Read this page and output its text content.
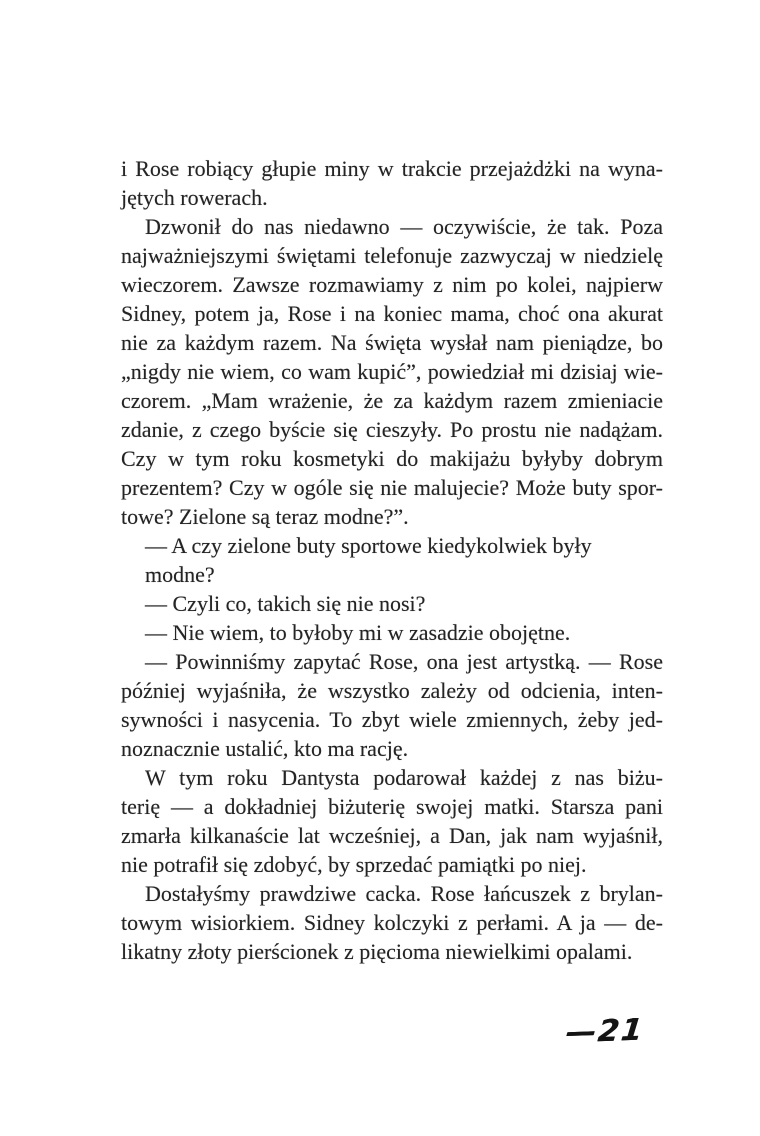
i Rose robiący głupie miny w trakcie przejażdżki na wyna-
jętych rowerach.
Dzwonił do nas niedawno — oczywiście, że tak. Poza
najważniejszymi świętami telefonuje zazwyczaj w niedzielę
wieczorem. Zawsze rozmawiamy z nim po kolei, najpierw
Sidney, potem ja, Rose i na koniec mama, choć ona akurat
nie za każdym razem. Na święta wysłał nam pieniądze, bo
„nigdy nie wiem, co wam kupić”, powiedział mi dzisiaj wie-
czorem. „Mam wrażenie, że za każdym razem zmieniacie
zdanie, z czego byście się cieszyły. Po prostu nie nadążam.
Czy w tym roku kosmetyki do makijażu byłyby dobrym
prezentem? Czy w ogóle się nie malujecie? Może buty spor-
towe? Zielone są teraz modne?”.
— A czy zielone buty sportowe kiedykolwiek były modne?
— Czyli co, takich się nie nosi?
— Nie wiem, to byłoby mi w zasadzie obojętne.
— Powinniśmy zapytać Rose, ona jest artystką. — Rose
później wyjaśniła, że wszystko zależy od odcienia, inten-
sywności i nasycenia. To zbyt wiele zmiennych, żeby jed-
noznacznie ustalić, kto ma rację.
W tym roku Dantysta podarował każdej z nas biżu-
terię — a dokładniej biżuterię swojej matki. Starsza pani
zmarła kilkanaście lat wcześniej, a Dan, jak nam wyjaśnił,
nie potrafił się zdobyć, by sprzedać pamiątki po niej.
Dostałyśmy prawdziwe cacka. Rose łańcuszek z brylan-
towym wisiorkiem. Sidney kolczyki z perłami. A ja — de-
likatny złoty pierścionek z pięcioma niewielkimi opalami.
—21
